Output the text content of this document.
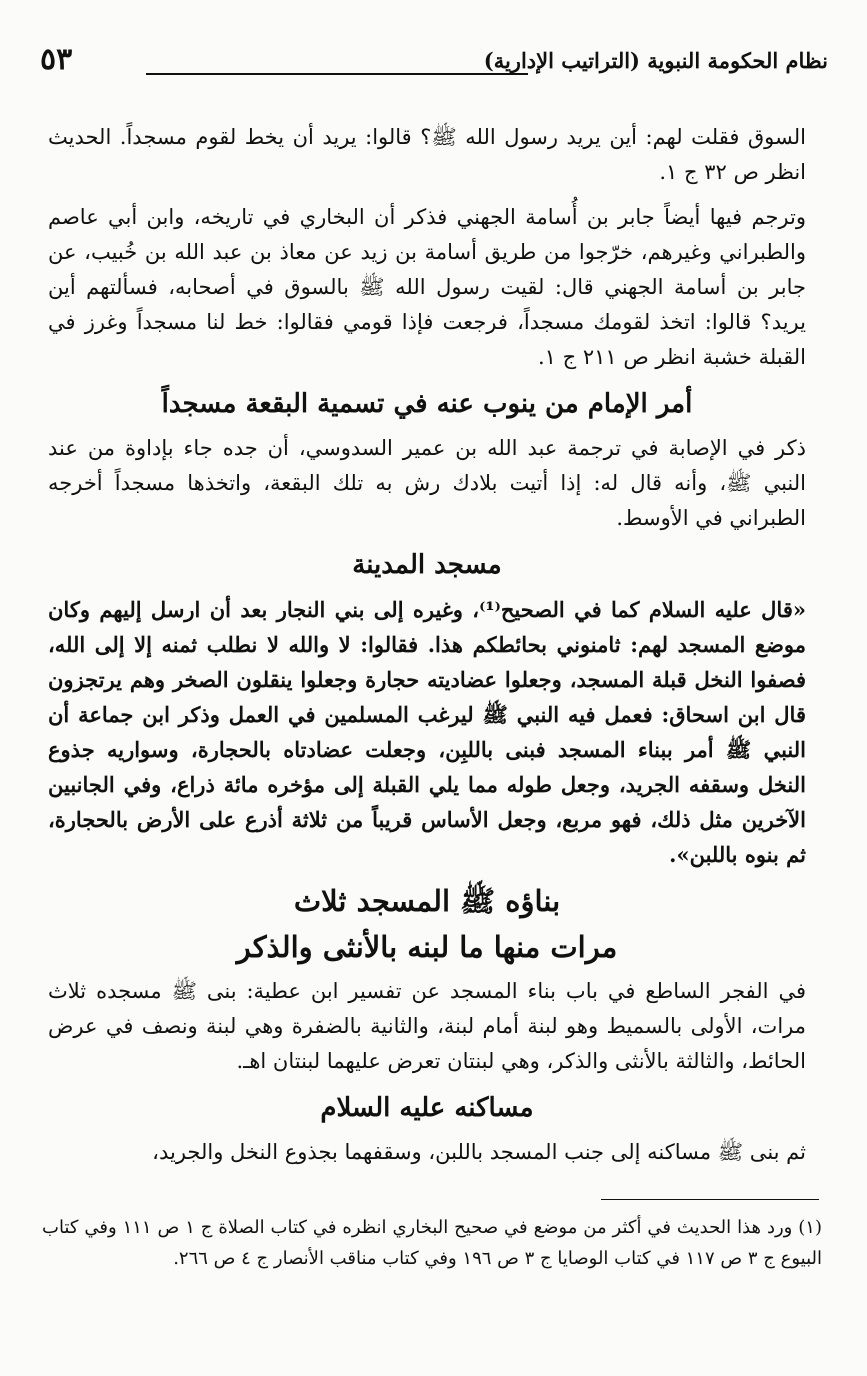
نظام الحكومة النبوية (التراتيب الإدارية)
٥٣

السوق فقلت لهم: أين يريد رسول الله ﷺ؟ قالوا: يريد أن يخط لقوم مسجداً. الحديث انظر ص ٣٢ ج ١.

وترجم فيها أيضاً جابر بن أُسامة الجهني فذكر أن البخاري في تاريخه، وابن أبي عاصم والطبراني وغيرهم، خرّجوا من طريق أسامة بن زيد عن معاذ بن عبد الله بن خُبيب، عن جابر بن أسامة الجهني قال: لقيت رسول الله ﷺ بالسوق في أصحابه، فسألتهم أين يريد؟ قالوا: اتخذ لقومك مسجداً، فرجعت فإذا قومي فقالوا: خط لنا مسجداً وغرز في القبلة خشبة انظر ص ٢١١ ج ١.

أمر الإمام من ينوب عنه في تسمية البقعة مسجداً

ذكر في الإصابة في ترجمة عبد الله بن عمير السدوسي، أن جده جاء بإداوة من عند النبي ﷺ، وأنه قال له: إذا أتيت بلادك رش به تلك البقعة، واتخذها مسجداً أخرجه الطبراني في الأوسط.

مسجد المدينة

«قال عليه السلام كما في الصحيح⁽¹⁾، وغيره إلى بني النجار بعد أن ارسل إليهم وكان موضع المسجد لهم: ثامنوني بحائطكم هذا. فقالوا: لا والله لا نطلب ثمنه إلا إلى الله، فصفوا النخل قبلة المسجد، وجعلوا عضاديته حجارة وجعلوا ينقلون الصخر وهم يرتجزون قال ابن اسحاق: فعمل فيه النبي ﷺ ليرغب المسلمين في العمل وذكر ابن جماعة أن النبي ﷺ أمر ببناء المسجد فبنى باللبِن، وجعلت عضادتاه بالحجارة، وسواريه جذوع النخل وسقفه الجريد، وجعل طوله مما يلي القبلة إلى مؤخره مائة ذراع، وفي الجانبين الآخرين مثل ذلك، فهو مربع، وجعل الأساس قريباً من ثلاثة أذرع على الأرض بالحجارة، ثم بنوه باللبن».

بناؤه ﷺ المسجد ثلاث
مرات منها ما لبنه بالأنثى والذكر

في الفجر الساطع في باب بناء المسجد عن تفسير ابن عطية: بنى ﷺ مسجده ثلاث مرات، الأولى بالسميط وهو لبنة أمام لبنة، والثانية بالضفرة وهي لبنة ونصف في عرض الحائط، والثالثة بالأنثى والذكر، وهي لبنتان تعرض عليهما لبنتان اهـ.

مساكنه عليه السلام

ثم بنى ﷺ مساكنه إلى جنب المسجد باللبن، وسقفهما بجذوع النخل والجريد،

(١) ورد هذا الحديث في أكثر من موضع في صحيح البخاري انظره في كتاب الصلاة ج ١ ص ١١١ وفي كتاب البيوع ج ٣ ص ١١٧ في كتاب الوصايا ج ٣ ص ١٩٦ وفي كتاب مناقب الأنصار ج ٤ ص ٢٦٦.
